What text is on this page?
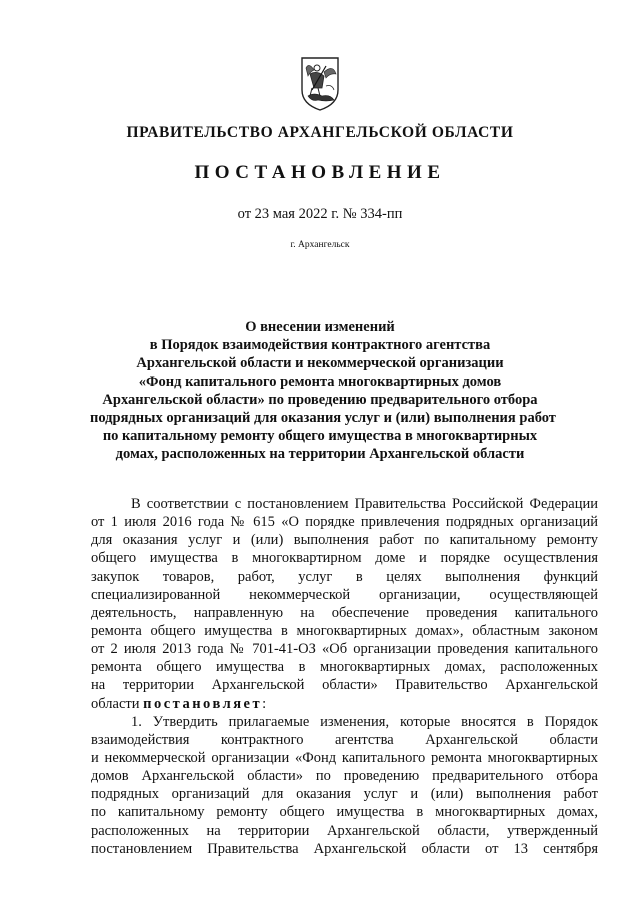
ПРАВИТЕЛЬСТВО АРХАНГЕЛЬСКОЙ ОБЛАСТИ
ПОСТАНОВЛЕНИЕ
от 23 мая 2022 г. № 334-пп
г. Архангельск
О внесении изменений
в Порядок взаимодействия контрактного агентства
Архангельской области и некоммерческой организации
«Фонд капитального ремонта многоквартирных домов
Архангельской области» по проведению предварительного отбора
подрядных организаций для оказания услуг и (или) выполнения работ
по капитальному ремонту общего имущества в многоквартирных
домах, расположенных на территории Архангельской области
В соответствии с постановлением Правительства Российской Федерации
от 1 июля 2016 года № 615 «О порядке привлечения подрядных организаций
для оказания услуг и (или) выполнения работ по капитальному ремонту
общего имущества в многоквартирном доме и порядке осуществления
закупок товаров, работ, услуг в целях выполнения функций
специализированной некоммерческой организации, осуществляющей
деятельность, направленную на обеспечение проведения капитального
ремонта общего имущества в многоквартирных домах», областным законом
от 2 июля 2013 года № 701-41-ОЗ «Об организации проведения капитального
ремонта общего имущества в многоквартирных домах, расположенных
на территории Архангельской области» Правительство Архангельской
области постановляет:
1. Утвердить прилагаемые изменения, которые вносятся в Порядок
взаимодействия контрактного агентства Архангельской области
и некоммерческой организации «Фонд капитального ремонта многоквартирных
домов Архангельской области» по проведению предварительного отбора
подрядных организаций для оказания услуг и (или) выполнения работ
по капитальному ремонту общего имущества в многоквартирных домах,
расположенных на территории Архангельской области, утвержденный
постановлением Правительства Архангельской области от 13 сентября
